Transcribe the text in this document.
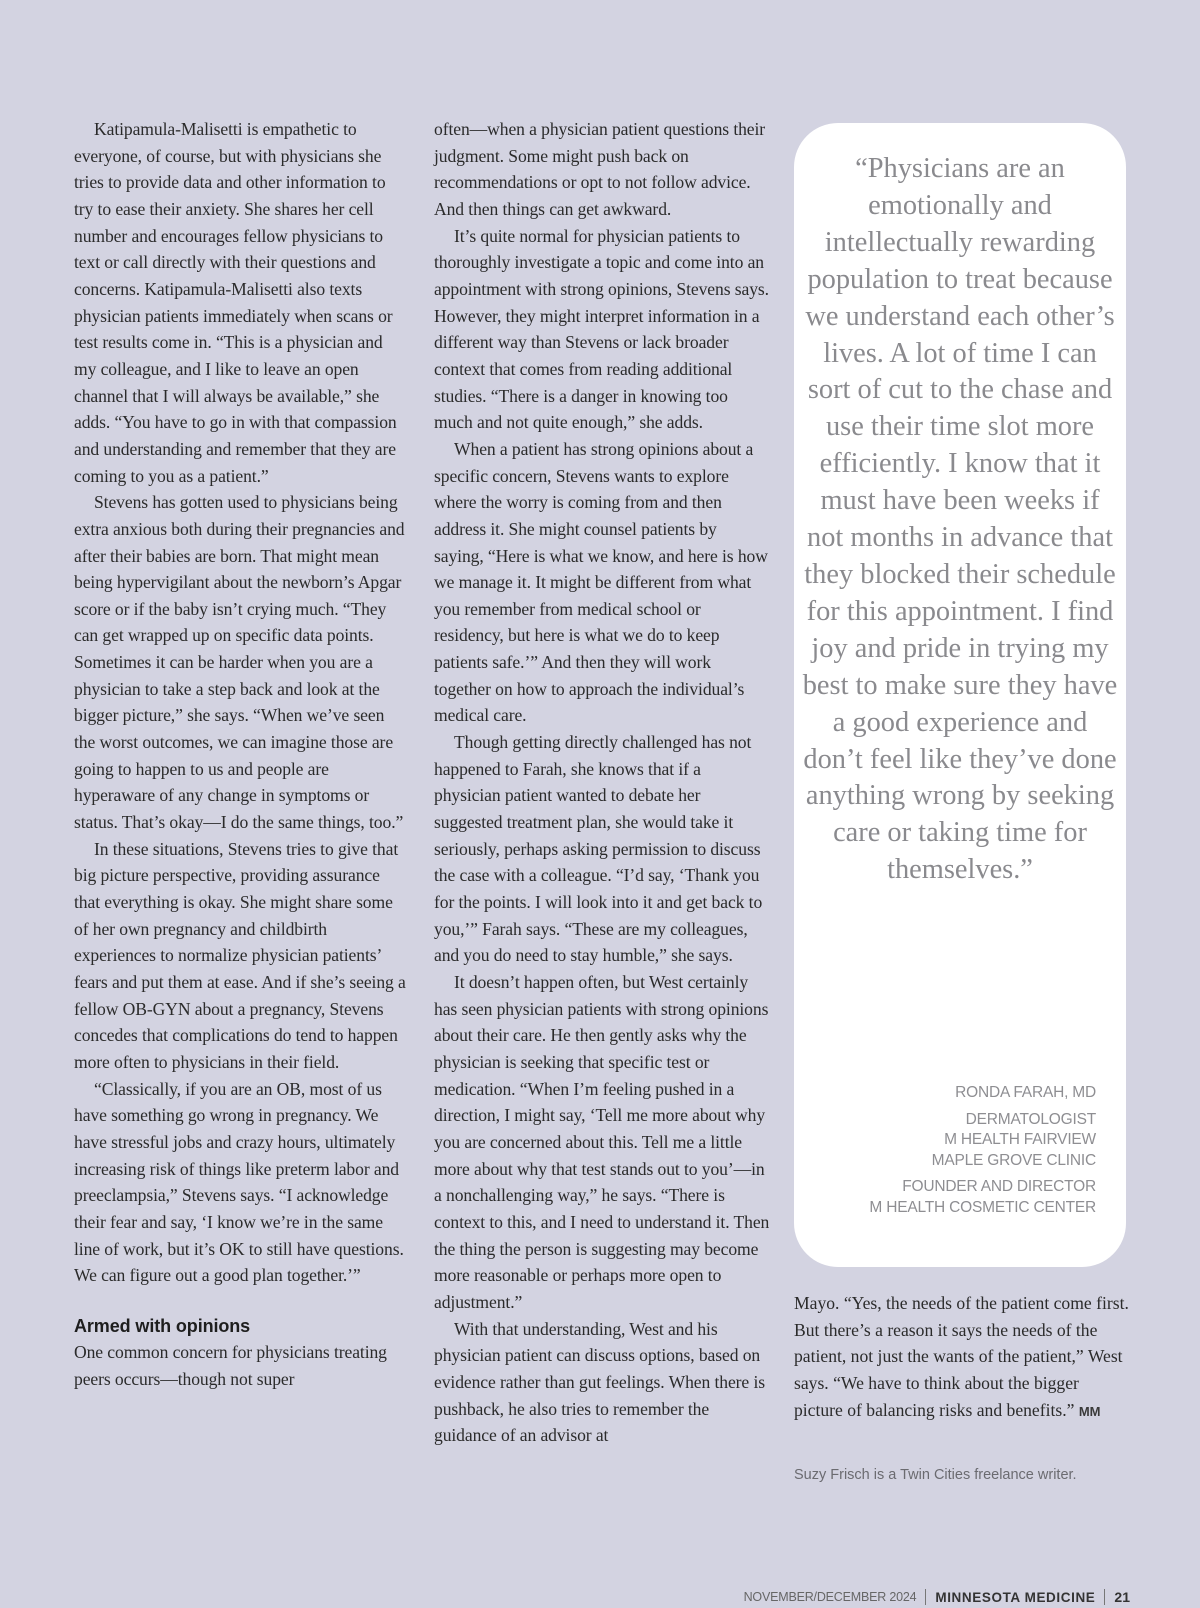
Katipamula-Malisetti is empathetic to everyone, of course, but with physicians she tries to provide data and other information to try to ease their anxiety. She shares her cell number and encourages fellow physicians to text or call directly with their questions and concerns. Katipamula-Malisetti also texts physician patients immediately when scans or test results come in. “This is a physician and my colleague, and I like to leave an open channel that I will always be available,” she adds. “You have to go in with that compassion and understanding and remember that they are coming to you as a patient.”

Stevens has gotten used to physicians being extra anxious both during their pregnancies and after their babies are born. That might mean being hypervigilant about the newborn’s Apgar score or if the baby isn’t crying much. “They can get wrapped up on specific data points. Sometimes it can be harder when you are a physician to take a step back and look at the bigger picture,” she says. “When we’ve seen the worst outcomes, we can imagine those are going to happen to us and people are hyperaware of any change in symptoms or status. That’s okay—I do the same things, too.”

In these situations, Stevens tries to give that big picture perspective, providing assurance that everything is okay. She might share some of her own pregnancy and childbirth experiences to normalize physician patients’ fears and put them at ease. And if she’s seeing a fellow OB-GYN about a pregnancy, Stevens concedes that complications do tend to happen more often to physicians in their field.

“Classically, if you are an OB, most of us have something go wrong in pregnancy. We have stressful jobs and crazy hours, ultimately increasing risk of things like preterm labor and preeclampsia,” Stevens says. “I acknowledge their fear and say, ‘I know we’re in the same line of work, but it’s OK to still have questions. We can figure out a good plan together.’”

Armed with opinions

One common concern for physicians treating peers occurs—though not super

often—when a physician patient questions their judgment. Some might push back on recommendations or opt to not follow advice. And then things can get awkward.

It’s quite normal for physician patients to thoroughly investigate a topic and come into an appointment with strong opinions, Stevens says. However, they might interpret information in a different way than Stevens or lack broader context that comes from reading additional studies. “There is a danger in knowing too much and not quite enough,” she adds.

When a patient has strong opinions about a specific concern, Stevens wants to explore where the worry is coming from and then address it. She might counsel patients by saying, “Here is what we know, and here is how we manage it. It might be different from what you remember from medical school or residency, but here is what we do to keep patients safe.’” And then they will work together on how to approach the individual’s medical care.

Though getting directly challenged has not happened to Farah, she knows that if a physician patient wanted to debate her suggested treatment plan, she would take it seriously, perhaps asking permission to discuss the case with a colleague. “I’d say, ‘Thank you for the points. I will look into it and get back to you,’” Farah says. “These are my colleagues, and you do need to stay humble,” she says.

It doesn’t happen often, but West certainly has seen physician patients with strong opinions about their care. He then gently asks why the physician is seeking that specific test or medication. “When I’m feeling pushed in a direction, I might say, ‘Tell me more about why you are concerned about this. Tell me a little more about why that test stands out to you’—in a nonchallenging way,” he says. “There is context to this, and I need to understand it. Then the thing the person is suggesting may become more reasonable or perhaps more open to adjustment.”

With that understanding, West and his physician patient can discuss options, based on evidence rather than gut feelings. When there is pushback, he also tries to remember the guidance of an advisor at

“Physicians are an emotionally and intellectually rewarding population to treat because we understand each other’s lives. A lot of time I can sort of cut to the chase and use their time slot more efficiently. I know that it must have been weeks if not months in advance that they blocked their schedule for this appointment. I find joy and pride in trying my best to make sure they have a good experience and don’t feel like they’ve done anything wrong by seeking care or taking time for themselves.”
RONDA FARAH, MD
DERMATOLOGIST
M HEALTH FAIRVIEW
MAPLE GROVE CLINIC
FOUNDER AND DIRECTOR
M HEALTH COSMETIC CENTER

Mayo. “Yes, the needs of the patient come first. But there’s a reason it says the needs of the patient, not just the wants of the patient,” West says. “We have to think about the bigger picture of balancing risks and benefits.” MM

Suzy Frisch is a Twin Cities freelance writer.
NOVEMBER/DECEMBER 2024 MINNESOTA MEDICINE 21
